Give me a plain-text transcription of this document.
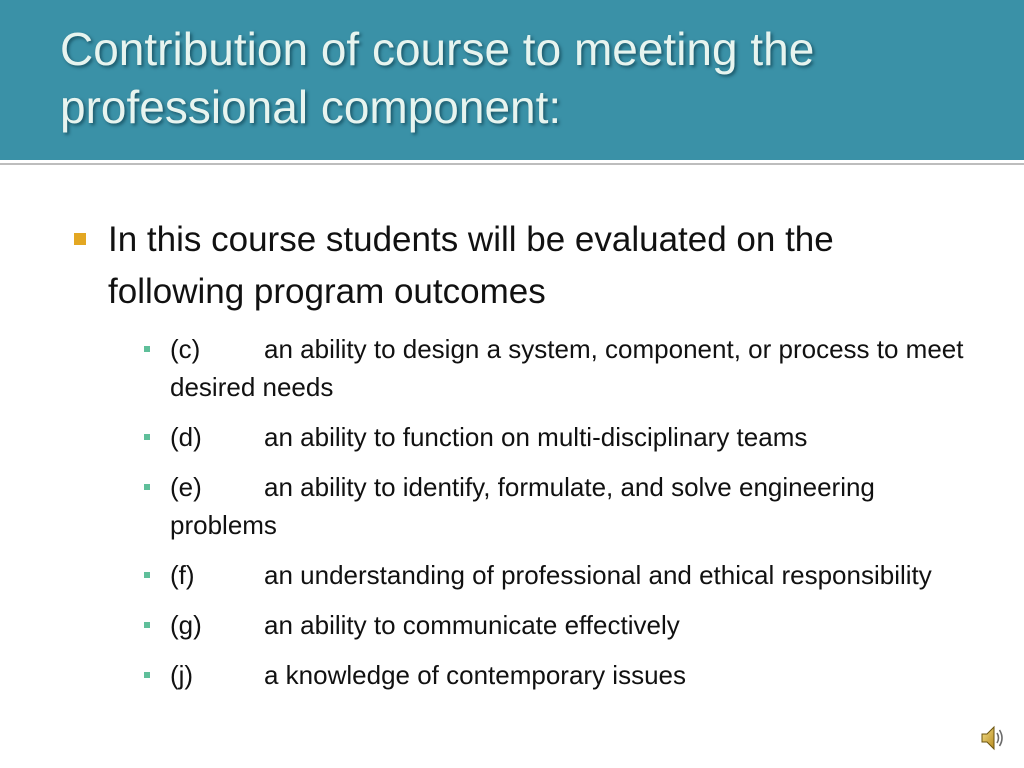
Contribution of course to meeting the professional component:

In this course students will be evaluated on the following program outcomes

(c) an ability to design a system, component, or process to meet desired needs
(d) an ability to function on multi-disciplinary teams
(e) an ability to identify, formulate, and solve engineering problems
(f)	an understanding of professional and ethical responsibility
(g) an ability to communicate effectively
(j)	a knowledge of contemporary issues
